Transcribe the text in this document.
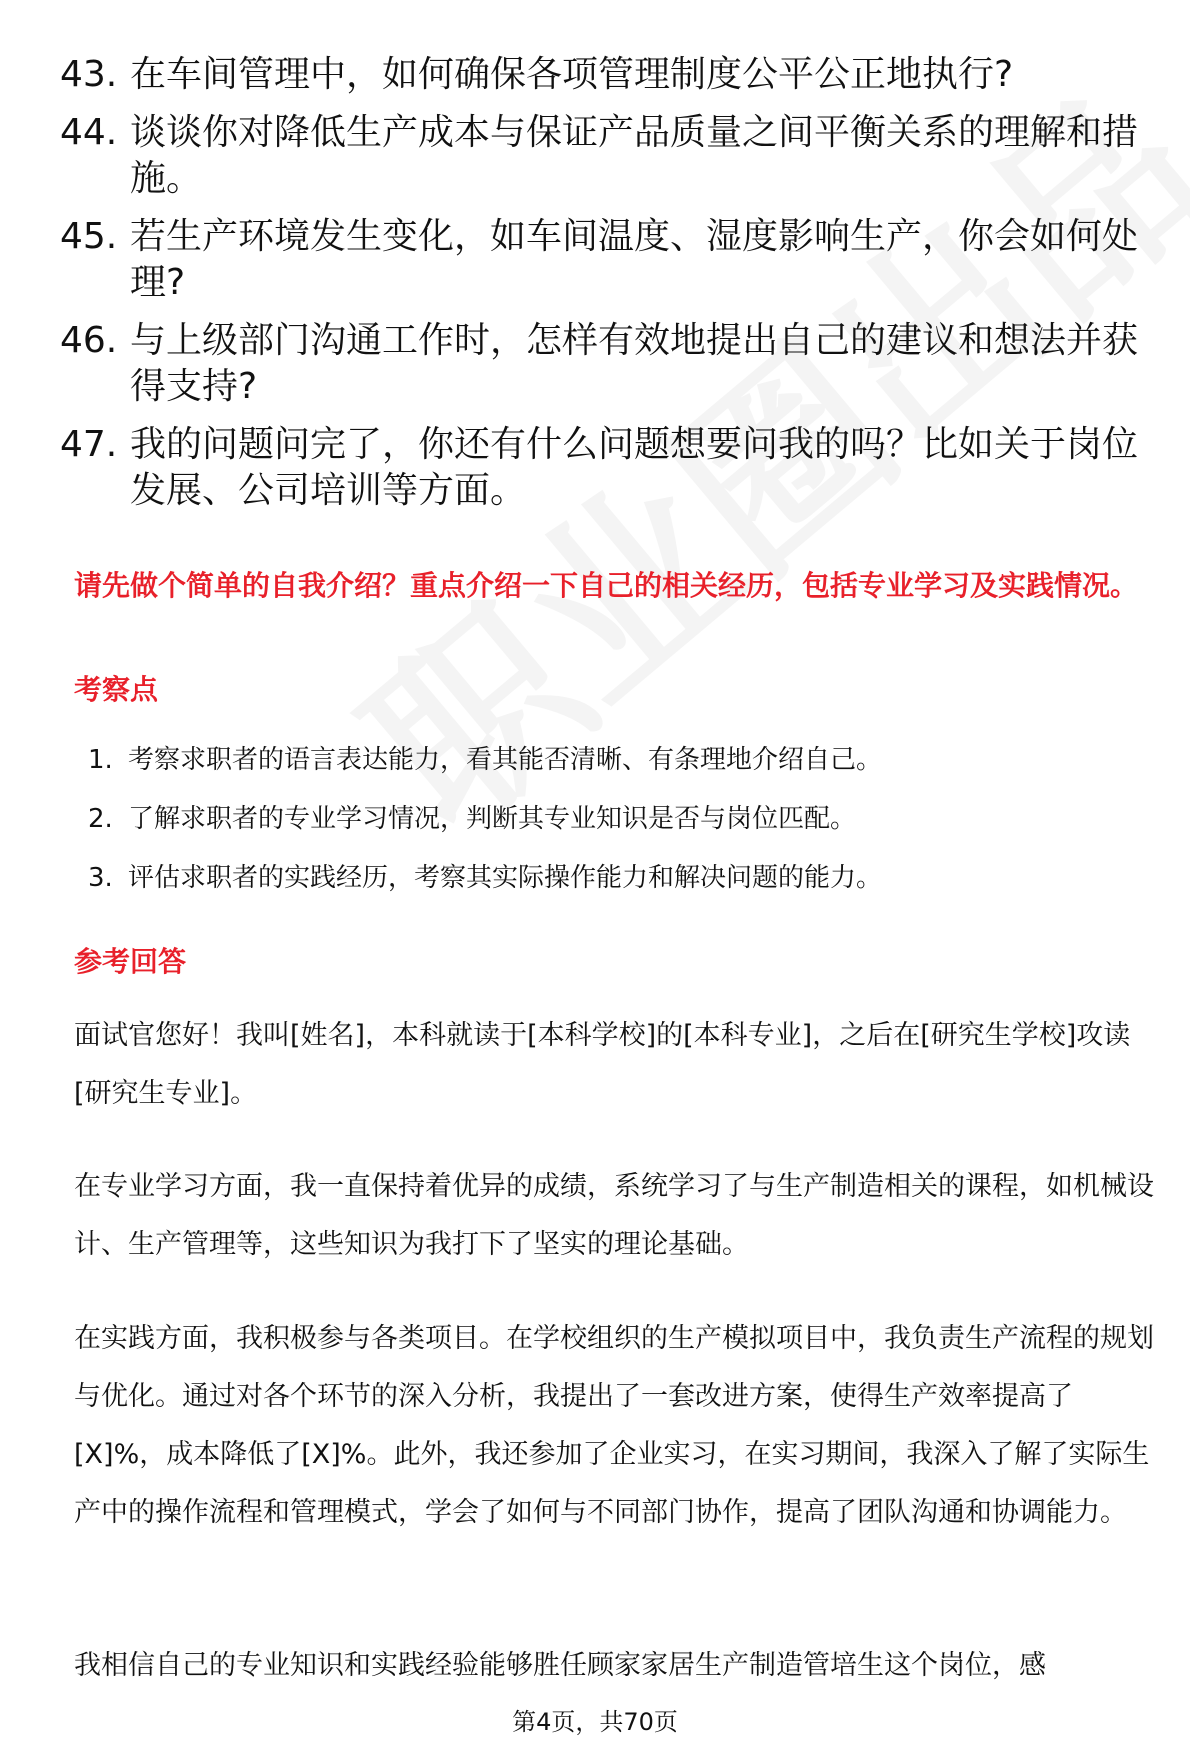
43. 在车间管理中，如何确保各项管理制度公平公正地执行?
44. 谈谈你对降低生产成本与保证产品质量之间平衡关系的理解和措施。
45. 若生产环境发生变化，如车间温度、湿度影响生产，你会如何处理?
46. 与上级部门沟通工作时，怎样有效地提出自己的建议和想法并获得支持?
47. 我的问题问完了，你还有什么问题想要问我的吗？比如关于岗位发展、公司培训等方面。
请先做个简单的自我介绍？重点介绍一下自己的相关经历，包括专业学习及实践情况。
考察点
1. 考察求职者的语言表达能力，看其能否清晰、有条理地介绍自己。
2. 了解求职者的专业学习情况，判断其专业知识是否与岗位匹配。
3. 评估求职者的实践经历，考察其实际操作能力和解决问题的能力。
参考回答
面试官您好！我叫[姓名]，本科就读于[本科学校]的[本科专业]，之后在[研究生学校]攻读[研究生专业]。
在专业学习方面，我一直保持着优异的成绩，系统学习了与生产制造相关的课程，如机械设计、生产管理等，这些知识为我打下了坚实的理论基础。
在实践方面，我积极参与各类项目。在学校组织的生产模拟项目中，我负责生产流程的规划与优化。通过对各个环节的深入分析，我提出了一套改进方案，使得生产效率提高了[X]%，成本降低了[X]%。此外，我还参加了企业实习，在实习期间，我深入了解了实际生产中的操作流程和管理模式，学会了如何与不同部门协作，提高了团队沟通和协调能力。
我相信自己的专业知识和实践经验能够胜任顾家家居生产制造管培生这个岗位，感
第4页，共70页
